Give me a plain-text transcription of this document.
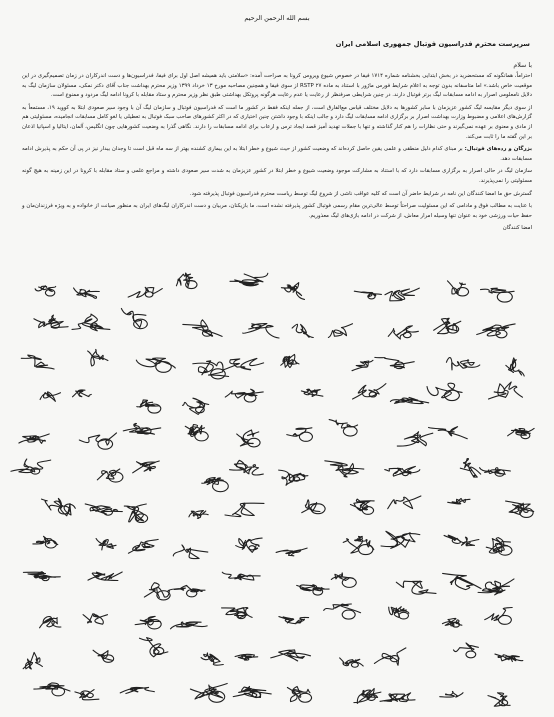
بسم الله الرحمن الرحیم
سرپرست محترم فدراسیون فوتبال جمهوری اسلامی ایران
با سلام
احتراماً، همانگونه که مستحضرید در بخش ابتدایی بخشنامه شماره ۱۷۱۴ فیفا در خصوص شیوع ویروس کرونا به صراحت آمده: «سلامتی باید همیشه اصل اول برای فیفا، فدراسیون‌ها و دست اندرکاران در زمان تصمیم‌گیری در این موقعیت خاص باشد.» اما متاسفانه بدون توجه به اعلام شرایط فورس ماژور با استناد به ماده ۲۷ RSTP از سوی فیفا و همچنین مصاحبه مورخ ۱۳ خرداد ۱۳۹۹ وزیر محترم بهداشت جناب آقای دکتر نمکی، مسئولان سازمان لیگ به دلایل نامعلومی اصرار به ادامه مسابقات لیگ برتر فوتبال دارند. در چنین شرایطی صرفنظر از رعایت یا عدم رعایت هرگونه پروتکل بهداشتی طبق نظر وزیر محترم و ستاد مقابله با کرونا ادامه لیگ مردود و ممنوع است.
از سوی دیگر مقایسه لیگ کشور عزیزمان با سایر کشورها به دلایل مختلف قیاس مع‌الفارق است، از جمله اینکه فقط در کشور ما است که فدراسیون فوتبال و سازمان لیگ آن با وجود سیر صعودی ابتلا به کووید ۱۹، مستمعاً به گزارش‌های اعلامی و مضبوط وزارت بهداشت اصرار بر برگزاری ادامه مسابقات لیگ دارد و جالب اینکه با وجود داشتن چنین اختیاری که در اکثر کشورهای صاحب سبک فوتبال به تعطیلی یا لغو کامل مسابقات انجامیده، مسئولیتی هم از مادی و معنوی بر عهده نمی‌گیرند و حتی نظارات را هم کنار گذاشته و تنها با جملات تهدید آمیز قصد ایجاد ترس و ارعاب برای ادامه مسابقات را دارند. نگاهی گذرا به وضعیت کشورهایی چون انگلیس، آلمان، ایتالیا و اسپانیا اذعان بر این گفته ما را ثابت می‌کند.
بزرگان و رده‌های فوتبال: بر مبنای کدام دلیل منطقی و علمی یقین حاصل کرده‌اند که وضعیت کشور از حیث شیوع و خطر ابتلا به این بیماری کشنده بهتر از سه ماه قبل است تا وجدان بیدار نیز در پی آن حکم به پذیرش ادامه مسابقات دهد.
سازمان لیگ در حالی اصرار به برگزاری مسابقات دارد که با استناد به مشارکت موجود وضعیت شیوع و خطر ابتلا در کشور عزیزمان به شدت سیر صعودی داشته و مراجع علمی و ستاد مقابله با کرونا در این زمینه به هیچ گونه مسئولیتی را نمی‌پذیرند.
گسترش حق ما امضا کنندگان این نامه در شرایط حاضر آن است که کلیه عواقب ناشی از شروع لیگ توسط ریاست محترم فدراسیون فوتبال پذیرفته شود.
با عنایت به مطالب فوق و مادامی که این مسئولیت صراحتاً توسط عالی‌ترین مقام رسمی فوتبال کشور پذیرفته نشده است، ما بازیکنان، مربیان و دست اندرکاران لیگ‌های ایران به منظور صیانت از خانواده و به ویژه فرزندان‌مان و حفظ حیات ورزشی خود به عنوان تنها وسیله امرار معاش، از شرکت در ادامه بازی‌های لیگ معذوریم.
امضا کنندگان
